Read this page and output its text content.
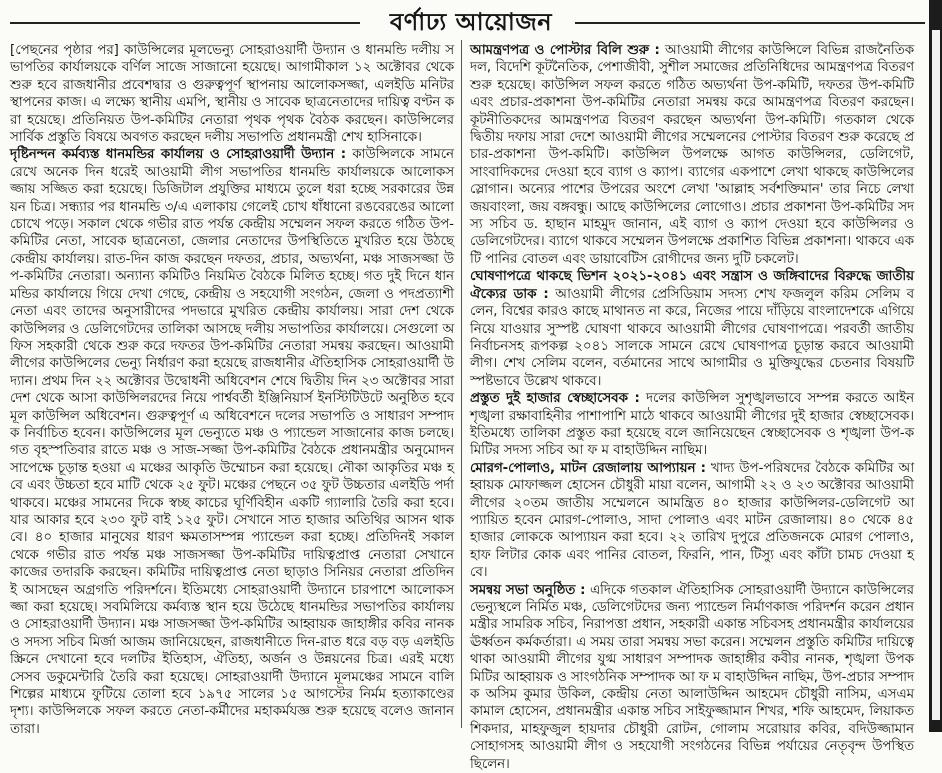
বর্ণাঢ্য আয়োজন

[পেছনের পৃষ্ঠার পর] কাউন্সিলের মূলভেন্যু সোহরাওয়ার্দী উদ্যান ও ধানমন্ডি দলীয় সভাপতির কার্যালয়কে বর্ণিল সাজে সাজানো হয়েছে। আগামীকাল ১২ অক্টোবর থেকে শুরু হবে রাজধানীর প্রবেশদ্বার ও গুরুত্বপূর্ণ স্থাপনায় আলোকসজ্জা, এলইডি মনিটর স্থাপনের কাজ। এ লক্ষ্যে স্থানীয় এমপি, স্থানীয় ও সাবেক ছাত্রনেতাদের দায়িত্ব বণ্টন করা হয়েছে। প্রতিনিয়ত উপ-কমিটির নেতারা পৃথক পৃথক বৈঠক করছেন। কাউন্সিলের সার্বিক প্রস্তুতি বিষয়ে অবগত করছেন দলীয় সভাপতি প্রধানমন্ত্রী শেখ হাসিনাকে।

দৃষ্টিনন্দন কর্মব্যস্ত ধানমন্ডির কার্যালয় ও সোহরাওয়ার্দী উদ্যান : কাউন্সিলকে সামনে রেখে অনেক দিন ধরেই আওয়ামী লীগ সভাপতির ধানমন্ডি কার্যালয়কে আলোকসজ্জায় সজ্জিত করা হয়েছে। ডিজিটাল প্রযুক্তির মাধ্যমে তুলে ধরা হচ্ছে সরকারের উন্নয়ন চিত্র। সন্ধ্যার পর ধানমন্ডি ৩/এ এলাকায় গেলেই চোখ ধাঁধানো রঙবেরঙের আলো চোখে পড়ে। সকাল থেকে গভীর রাত পর্যন্ত কেন্দ্রীয় সম্মেলন সফল করতে গঠিত উপ-কমিটির নেতা, সাবেক ছাত্রনেতা, জেলার নেতাদের উপস্থিতিতে মুখরিত হয়ে উঠছে কেন্দ্রীয় কার্যালয়। রাত-দিন কাজ করছেন দফতর, প্রচার, অভ্যর্থনা, মঞ্চ সাজসজ্জা উপ-কমিটির নেতারা। অন্যান্য কমিটিও নিয়মিত বৈঠকে মিলিত হচ্ছে। গত দুই দিনে ধানমন্ডির কার্যালয়ে গিয়ে দেখা গেছে, কেন্দ্রীয় ও সহযোগী সংগঠন, জেলা ও পদপ্রত্যাশী নেতা এবং তাদের অনুসারীদের পদভারে মুখরিত কেন্দ্রীয় কার্যালয়। সারা দেশ থেকে কাউন্সিলর ও ডেলিগেটদের তালিকা আসছে দলীয় সভাপতির কার্যালয়ে। সেগুলো অফিস সহকারী থেকে শুরু করে দফতর উপ-কমিটির নেতারা সমন্বয় করছেন। আওয়ামী লীগের কাউন্সিলের ভেন্যু নির্ধারণ করা হয়েছে রাজধানীর ঐতিহাসিক সোহরাওয়ার্দী উদ্যান। প্রথম দিন ২২ অক্টোবর উদ্বোধনী অধিবেশন শেষে দ্বিতীয় দিন ২৩ অক্টোবর সারা দেশ থেকে আসা কাউন্সিলরদের নিয়ে পার্শ্ববর্তী ইঞ্জিনিয়ার্স ইনস্টিটিউটে অনুষ্ঠিত হবে মূল কাউন্সিল অধিবেশন। গুরুত্বপূর্ণ এ অধিবেশনে দলের সভাপতি ও সাধারণ সম্পাদক নির্বাচিত হবেন। কাউন্সিলের মূল ভেন্যুতে মঞ্চ ও প্যান্ডেল সাজানোর কাজ চলছে। গত বৃহস্পতিবার রাতে মঞ্চ ও সাজ-সজ্জা উপ-কমিটির বৈঠকে প্রধানমন্ত্রীর অনুমোদন সাপেক্ষে চূড়ান্ত হওয়া এ মঞ্চের আকৃতি উম্মোচন করা হয়েছে। নৌকা আকৃতির মঞ্চ হবে এবং উচ্চতা হবে মাটি থেকে ২৫ ফুট। মঞ্চের পেছনে ৩৫ ফুট উচ্চতার এলইডি পর্দা থাকবে। মঞ্চের সামনের দিকে স্বচ্ছ কাচের ঘূর্ণিবিহীন একটি গ্যালারি তৈরি করা হবে। যার আকার হবে ২৩০ ফুট বাই ১২৫ ফুট। সেখানে সাত হাজার অতিথির আসন থাকবে। ৪০ হাজার মানুষের ধারণ ক্ষমতাসম্পন্ন প্যান্ডেল করা হচ্ছে। প্রতিদিনই সকাল থেকে গভীর রাত পর্যন্ত মঞ্চ সাজসজ্জা উপ-কমিটির দায়িত্বপ্রাপ্ত নেতারা সেখানে কাজের তদারকি করছেন। কমিটির দায়িত্বপ্রাপ্ত নেতা ছাড়াও সিনিয়র নেতারা প্রতিদিনই আসছেন অগ্রগতি পরিদর্শনে। ইতিমধ্যে সোহরাওয়ার্দী উদ্যানে চারপাশে আলোকসজ্জা করা হয়েছে। সবমিলিয়ে কর্মব্যস্ত স্থান হয়ে উঠেছে ধানমন্ডির সভাপতির কার্যালয় ও সোহরাওয়ার্দী উদ্যান। মঞ্চ সাজসজ্জা উপ-কমিটির আহ্বায়ক জাহাঙ্গীর কবির নানক ও সদস্য সচিব মির্জা আজম জানিয়েছেন, রাজধানীতে দিন-রাত ধরে বড় বড় এলইডি স্ক্রিনে দেখানো হবে দলটির ইতিহাস, ঐতিহ্য, অর্জন ও উন্নয়নের চিত্র। এরই মধ্যে সেসব ডকুমেন্টারি তৈরি করা হয়েছে। সোহরাওয়ার্দী উদ্যানে মূলমঞ্চের সামনে বালি শিল্পের মাধ্যমে ফুটিয়ে তোলা হবে ১৯৭৫ সালের ১৫ আগস্টের নির্মম হত্যাকাণ্ডের দৃশ্য। কাউন্সিলকে সফল করতে নেতা-কর্মীদের মহাকর্মযজ্ঞ শুরু হয়েছে বলেও জানান তারা।

আমন্ত্রণপত্র ও পোস্টার বিলি শুরু : আওয়ামী লীগের কাউন্সিলে বিভিন্ন রাজনৈতিক দল, বিদেশি কূটনৈতিক, পেশাজীবী, সুশীল সমাজের প্রতিনিধিদের আমন্ত্রণপত্র বিতরণ শুরু হয়েছে। কাউন্সিল সফল করতে গঠিত অভ্যর্থনা উপ-কমিটি, দফতর উপ-কমিটি এবং প্রচার-প্রকাশনা উপ-কমিটির নেতারা সমন্বয় করে আমন্ত্রণপত্র বিতরণ করছেন। কূটনীতিকদের আমন্ত্রণপত্র বিতরণ করছেন অভ্যর্থনা উপ-কমিটি। গতকাল থেকে দ্বিতীয় দফায় সারা দেশে আওয়ামী লীগের সম্মেলনের পোস্টার বিতরণ শুরু করেছে প্রচার-প্রকাশনা উপ-কমিটি। কাউন্সিল উপলক্ষে আগত কাউন্সিলর, ডেলিগেট, সাংবাদিকদের দেওয়া হবে ব্যাগ ও ক্যাপ। ব্যাগের একপাশে লেখা থাকছে কাউন্সিলের স্লোগান। অন্যের পাশের উপরের অংশে লেখা 'আল্লাহ সর্বশক্তিমান' তার নিচে লেখা জয়বাংলা, জয় বঙ্গবন্ধু। আছে কাউন্সিলের লোগোও। প্রচার প্রকাশনা উপ-কমিটির সদস্য সচিব ড. হাছান মাহমুদ জানান, এই ব্যাগ ও ক্যাপ দেওয়া হবে কাউন্সিলর ও ডেলিগেটদের। ব্যাগে থাকবে সম্মেলন উপলক্ষে প্রকাশিত বিভিন্ন প্রকাশনা। থাকবে একটি পানির বোতল এবং ডায়াবেটিস রোগীদের জন্য দুটি চকলেট।

ঘোষণাপত্রে থাকছে ভিশন ২০২১-২০৪১ এবং সন্ত্রাস ও জঙ্গিবাদের বিরুদ্ধে জাতীয় ঐক্যের ডাক : আওয়ামী লীগের প্রেসিডিয়াম সদস্য শেখ ফজলুল করিম সেলিম বলেন, বিশ্বের কারও কাছে মাথানত না করে, নিজের পায়ে দাঁড়িয়ে বাংলাদেশকে এগিয়ে নিয়ে যাওয়ার সুস্পষ্ট ঘোষণা থাকবে আওয়ামী লীগের ঘোষণাপত্রে। পরবর্তী জাতীয় নির্বাচনসহ রূপকল্প ২০৪১ সালকে সামনে রেখে ঘোষণাপত্র চূড়ান্ত করবে আওয়ামী লীগ। শেখ সেলিম বলেন, বর্তমানের সাথে আগামীর ও মুক্তিযুদ্ধের চেতনার বিষয়টি স্পষ্টভাবে উল্লেখ থাকবে।

প্রস্তুত দুই হাজার স্বেচ্ছাসেবক : দলের কাউন্সিল সুশৃঙ্খলভাবে সম্পন্ন করতে আইনশৃঙ্খলা রক্ষাবাহিনীর পাশাপাশি মাঠে থাকবে আওয়ামী লীগের দুই হাজার স্বেচ্ছাসেবক। ইতিমধ্যে তালিকা প্রস্তুত করা হয়েছে বলে জানিয়েছেন স্বেচ্ছাসেবক ও শৃঙ্খলা উপ-কমিটির সদস্য সচিব আ ফ ম বাহাউদ্দিন নাছিম।

মোরগ-পোলাও, মাটন রেজালায় আপ্যায়ন : খাদ্য উপ-পরিষদের বৈঠকে কমিটির আহ্বায়ক মোফাজ্জল হোসেন চৌধুরী মায়া বলেন, আগামী ২২ ও ২৩ অক্টোবর আওয়ামী লীগের ২০তম জাতীয় সম্মেলনে আমন্ত্রিত ৪০ হাজার কাউন্সিলর-ডেলিগেট আপ্যায়িত হবেন মোরগ-পোলাও, সাদা পোলাও এবং মাটন রেজালায়। ৪০ থেকে ৪৫ হাজার লোককে আপ্যায়ন করা হবে। ২২ তারিখ দুপুরে প্রতিজনকে মোরগ পোলাও, হাফ লিটার কোক এবং পানির বোতল, ফিরনি, পান, টিস্যু এবং কাঁটা চামচ দেওয়া হবে।

সমন্বয় সভা অনুষ্ঠিত : এদিকে গতকাল ঐতিহাসিক সোহরাওয়ার্দী উদ্যানে কাউন্সিলের ভেন্যুস্থলে নির্মিত মঞ্চ, ডেলিগেটদের জন্য প্যান্ডেল নির্মাণকাজ পরিদর্শন করেন প্রধানমন্ত্রীর সামরিক সচিব, নিরাপত্তা প্রধান, সহকারী একান্ত সচিবসহ প্রধানমন্ত্রীর কার্যালয়ের ঊর্ধ্বতন কর্মকর্তারা। এ সময় তারা সমন্বয় সভা করেন। সম্মেলন প্রস্তুতি কমিটির দায়িত্বে থাকা আওয়ামী লীগের যুগ্ম সাধারণ সম্পাদক জাহাঙ্গীর কবীর নানক, শৃঙ্খলা উপকমিটির আহ্বায়ক ও সাংগঠনিক সম্পাদক আ ফ ম বাহাউদ্দিন নাছিম, উপ-প্রচার সম্পাদক অসিম কুমার উকিল, কেন্দ্রীয় নেতা আলাউদ্দিন আহমেদ চৌধুরী নাসিম, এসএম কামাল হোসেন, প্রধানমন্ত্রীর একান্ত সচিব সাইফুজ্জামান শিখর, শফি আহমেদ, লিয়াকত শিকদার, মাহফুজুল হায়দার চৌধুরী রোটন, গোলাম সরোয়ার কবির, বদিউজ্জামান সোহাগসহ আওয়ামী লীগ ও সহযোগী সংগঠনের বিভিন্ন পর্যায়ের নেতৃবৃন্দ উপস্থিত ছিলেন।
